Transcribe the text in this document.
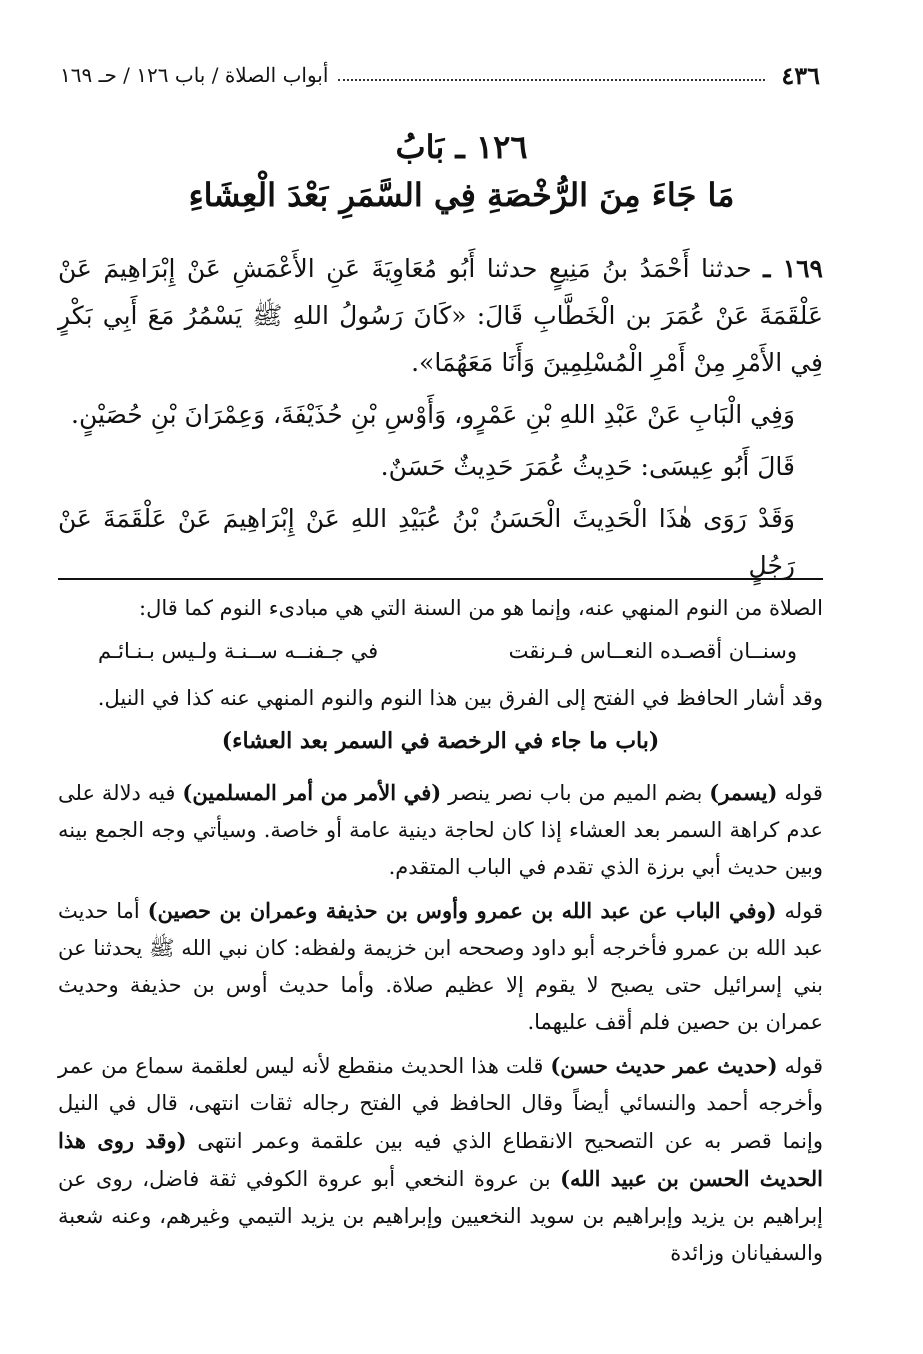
٤٣٦
أبواب الصلاة / باب ١٢٦ / حـ ١٦٩
١٢٦ ـ بَابُ
مَا جَاءَ مِنَ الرُّخْصَةِ فِي السَّمَرِ بَعْدَ الْعِشَاءِ

١٦٩ ـ حدثنا أَحْمَدُ بنُ مَنِيعٍ حدثنا أَبُو مُعَاوِيَةَ عَنِ الأَعْمَشِ عَنْ إِبْرَاهِيمَ عَنْ عَلْقَمَةَ عَنْ عُمَرَ بن الْخَطَّابِ قَالَ: «كَانَ رَسُولُ اللهِ ﷺ يَسْمُرُ مَعَ أَبِي بَكْرٍ فِي الأَمْرِ مِنْ أَمْرِ الْمُسْلِمِينَ وَأَنَا مَعَهُمَا».

وَفِي الْبَابِ عَنْ عَبْدِ اللهِ بْنِ عَمْرٍو، وَأَوْسِ بْنِ حُذَيْفَةَ، وَعِمْرَانَ بْنِ حُصَيْنٍ.

قَالَ أَبُو عِيسَى: حَدِيثُ عُمَرَ حَدِيثٌ حَسَنٌ.

وَقَدْ رَوَى هٰذَا الْحَدِيثَ الْحَسَنُ بْنُ عُبَيْدِ اللهِ عَنْ إِبْرَاهِيمَ عَنْ عَلْقَمَةَ عَنْ رَجُلٍ

الصلاة من النوم المنهي عنه، وإنما هو من السنة التي هي مبادىء النوم كما قال:

وسنــان أقصـده النعــاس فـرنقت
في جـفنــه ســنـة ولـيس بـنـائـم

وقد أشار الحافظ في الفتح إلى الفرق بين هذا النوم والنوم المنهي عنه كذا في النيل.

(باب ما جاء في الرخصة في السمر بعد العشاء)

قوله (يسمر) بضم الميم من باب نصر ينصر (في الأمر من أمر المسلمين) فيه دلالة على عدم كراهة السمر بعد العشاء إذا كان لحاجة دينية عامة أو خاصة. وسيأتي وجه الجمع بينه وبين حديث أبي برزة الذي تقدم في الباب المتقدم.

قوله (وفي الباب عن عبد الله بن عمرو وأوس بن حذيفة وعمران بن حصين) أما حديث عبد الله بن عمرو فأخرجه أبو داود وصححه ابن خزيمة ولفظه: كان نبي الله ﷺ يحدثنا عن بني إسرائيل حتى يصبح لا يقوم إلا عظيم صلاة. وأما حديث أوس بن حذيفة وحديث عمران بن حصين فلم أقف عليهما.

قوله (حديث عمر حديث حسن) قلت هذا الحديث منقطع لأنه ليس لعلقمة سماع من عمر وأخرجه أحمد والنسائي أيضاً وقال الحافظ في الفتح رجاله ثقات انتهى، قال في النيل وإنما قصر به عن التصحيح الانقطاع الذي فيه بين علقمة وعمر انتهى (وقد روى هذا الحديث الحسن بن عبيد الله) بن عروة النخعي أبو عروة الكوفي ثقة فاضل، روى عن إبراهيم بن يزيد وإبراهيم بن سويد النخعيين وإبراهيم بن يزيد التيمي وغيرهم، وعنه شعبة والسفيانان وزائدة
